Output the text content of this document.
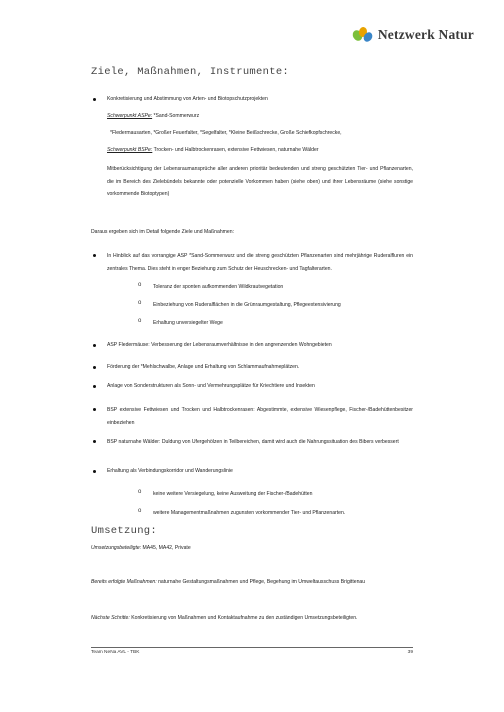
Netzwerk Natur
Ziele, Maßnahmen, Instrumente:
Konkretisierung und Abstimmung von Arten- und Biotopschutzprojekten
Schwerpunkt ASPe: *Sand-Sommerwurz
*Fledermausarten, *Großer Feuerfalter, *Segelfalter, *Kleine Beißschrecke, Große Schiefkopfschrecke,
Schwerpunkt BSPe: Trocken- und Halbtrockenrasen, extensive Fettwiesen, naturnahe Wälder
Mitberücksichtigung der Lebensraumansprüche aller anderen prioritär bedeutenden und streng geschützten Tier- und Pflanzenarten, die im Bereich des Zielebündels bekannte oder potenzielle Vorkommen haben (siehe oben) und ihrer Lebensräume (siehe sonstige vorkommende Biotoptypen)
Daraus ergeben sich im Detail folgende Ziele und Maßnahmen:
In Hinblick auf das vorrangige ASP *Sand-Sommerwurz und die streng geschützten Pflanzenarten sind mehrjährige Ruderalfluren ein zentrales Thema. Dies steht in enger Beziehung zum Schutz der Heuschrecken- und Tagfalterarten.
o Toleranz der sponten aufkommenden Wildkrautvegetation
o Einbeziehung von Ruderalflächen in die Grünraumgestaltung, Pflegeextensivierung
o Erhaltung unversiegelter Wege
ASP Fledermäuse: Verbesserung der Lebensraumverhältnisse in den angrenzenden Wohngebieten
Förderung der *Mehlschwalbe, Anlage und Erhaltung von Schlammaufnahmeplätzen.
Anlage von Sonderstrukturen als Sonn- und Vermehrungsplätze für Kriechtiere und Insekten
BSP extensive Fettwiesen und Trocken und Halbtrockenrasen: Abgestimmte, extensive Wiesenpflege, Fischer-/Badehüttenbesitzer einbeziehen
BSP naturnahe Wälder: Duldung von Ufergehölzen in Teilbereichen, damit wird auch die Nahrungssituation des Bibers verbessert
Erhaltung als Verbindungskorridor und Wanderungslinie
o keine weitere Versiegelung, keine Ausweitung der Fischer-/Badehütten
o weitere Managementmaßnahmen zugunsten vorkommender Tier- und Pflanzenarten.
Umsetzung:
Umsetzungsbeteiligte: MA45, MA42, Private
Bereits erfolgte Maßnahmen: naturnahe Gestaltungsmaßnahmen und Pflege, Begehung im Umweltausschuss Brigittenau
Nächste Schritte: Konkretisierung von Maßnahmen und Kontaktaufnahme zu den zuständigen Umsetzungsbeteiligten.
Team NeNa AVL - TBK	39
